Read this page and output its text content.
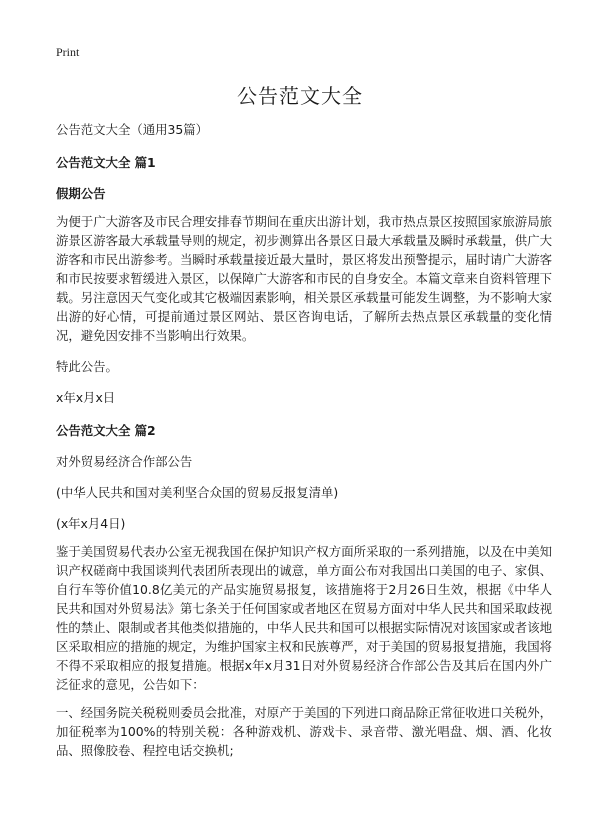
Print
公告范文大全

公告范文大全（通用35篇）

公告范文大全 篇1

假期公告

为便于广大游客及市民合理安排春节期间在重庆出游计划，我市热点景区按照国家旅游局旅游景区游客最大承载量导则的规定，初步测算出各景区日最大承载量及瞬时承载量，供广大游客和市民出游参考。当瞬时承载量接近最大量时，景区将发出预警提示，届时请广大游客和市民按要求暂缓进入景区，以保障广大游客和市民的自身安全。本篇文章来自资料管理下载。另注意因天气变化或其它极端因素影响，相关景区承载量可能发生调整，为不影响大家出游的好心情，可提前通过景区网站、景区咨询电话，了解所去热点景区承载量的变化情况，避免因安排不当影响出行效果。

特此公告。

x年x月x日

公告范文大全 篇2

对外贸易经济合作部公告

(中华人民共和国对美利坚合众国的贸易反报复清单)

(x年x月4日)

鉴于美国贸易代表办公室无视我国在保护知识产权方面所采取的一系列措施，以及在中美知识产权磋商中我国谈判代表团所表现出的诚意，单方面公布对我国出口美国的电子、家俱、自行车等价值10.8亿美元的产品实施贸易报复，该措施将于2月26日生效，根据《中华人民共和国对外贸易法》第七条关于任何国家或者地区在贸易方面对中华人民共和国采取歧视性的禁止、限制或者其他类似措施的，中华人民共和国可以根据实际情况对该国家或者该地区采取相应的措施的规定，为维护国家主权和民族尊严，对于美国的贸易报复措施，我国将不得不采取相应的报复措施。根据x年x月31日对外贸易经济合作部公告及其后在国内外广泛征求的意见，公告如下：

一、经国务院关税税则委员会批准，对原产于美国的下列进口商品除正常征收进口关税外，加征税率为100%的特别关税：各种游戏机、游戏卡、录音带、激光唱盘、烟、酒、化妆品、照像胶卷、程控电话交换机;
